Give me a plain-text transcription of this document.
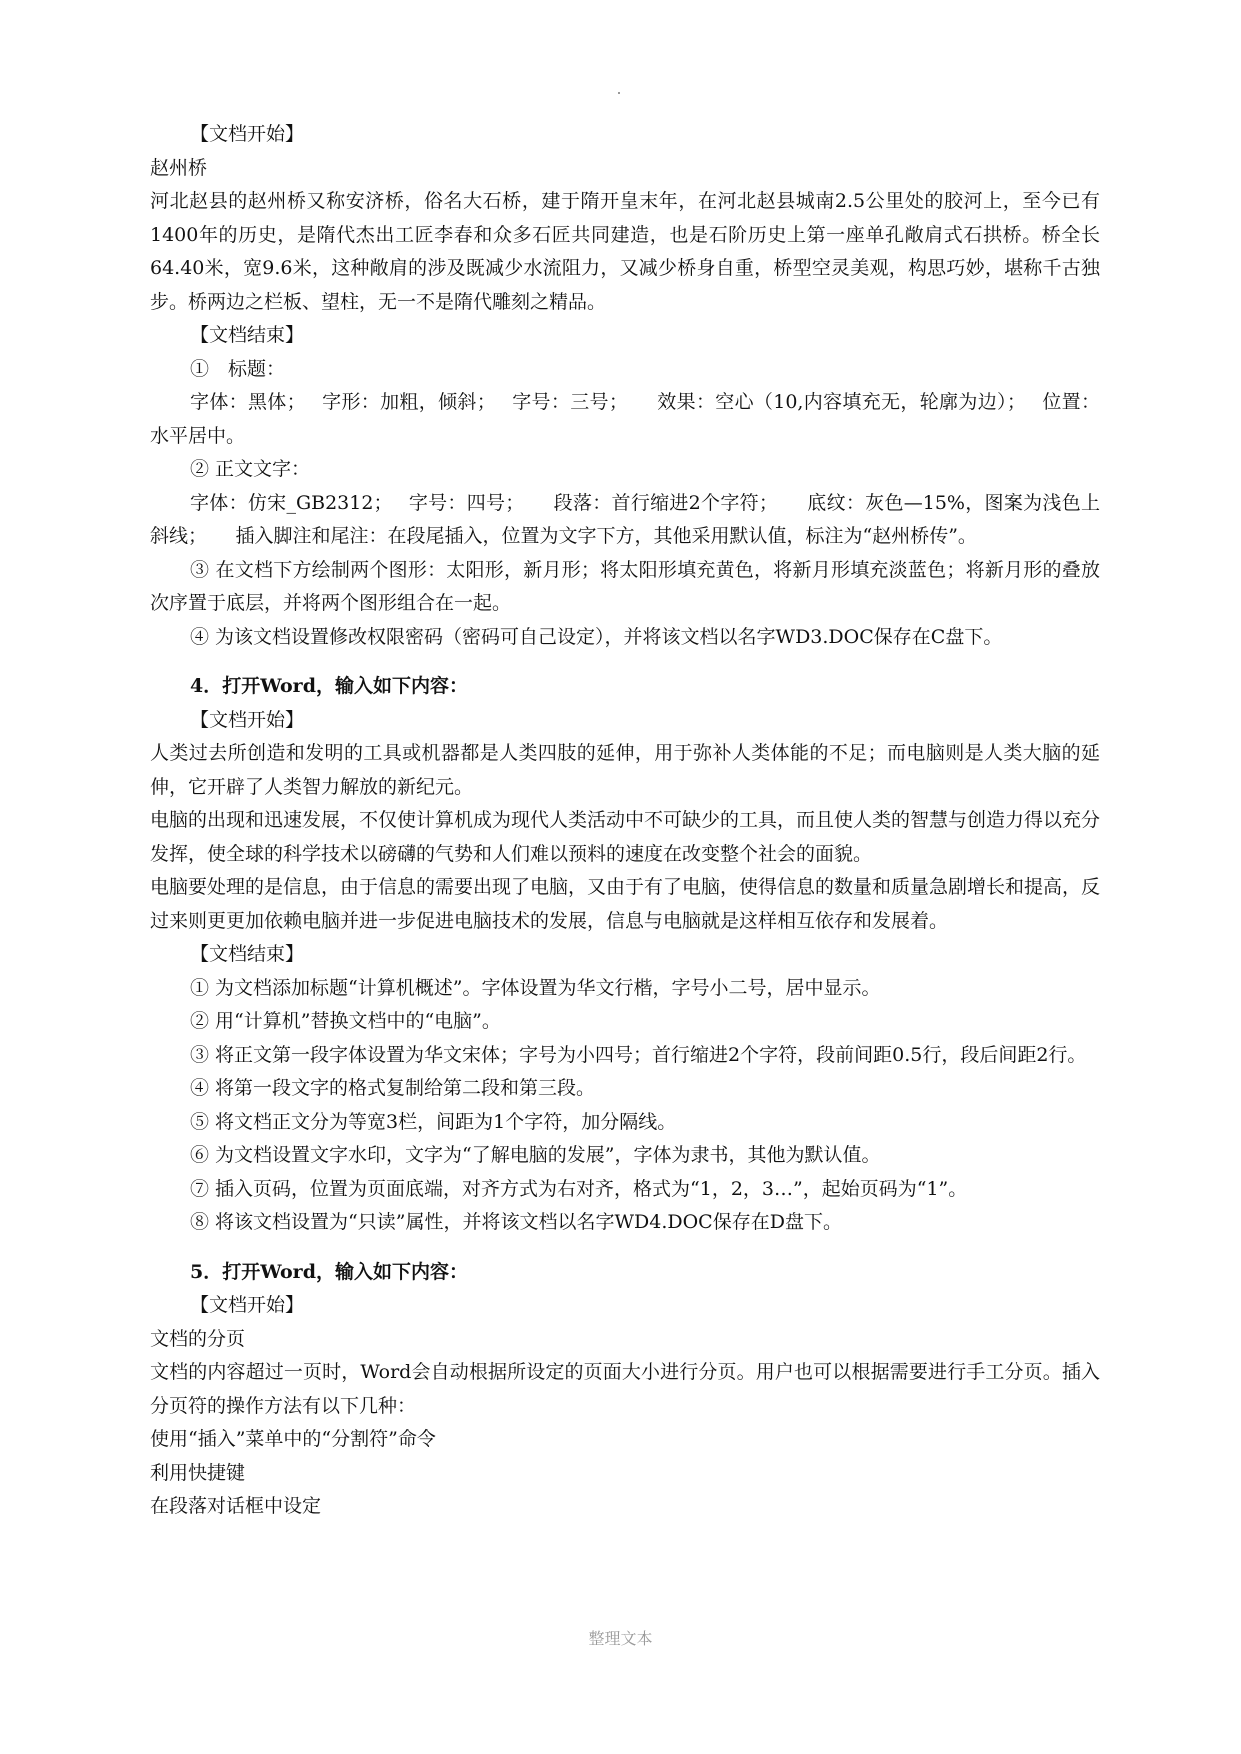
【文档开始】

赵州桥

河北赵县的赵州桥又称安济桥，俗名大石桥，建于隋开皇末年，在河北赵县城南2.5公里处的胶河上，至今已有1400年的历史，是隋代杰出工匠李春和众多石匠共同建造，也是石阶历史上第一座单孔敞肩式石拱桥。桥全长64.40米，宽9.6米，这种敞肩的涉及既减少水流阻力，又减少桥身自重，桥型空灵美观，构思巧妙，堪称千古独步。桥两边之栏板、望柱，无一不是隋代雕刻之精品。

【文档结束】

①　标题：

字体：黑体；　 字形：加粗，倾斜；　 字号：三号；　　效果：空心（10,内容填充无，轮廓为边）；　 位置：水平居中。

② 正文文字：

字体：仿宋_GB2312；　 字号：四号；　　段落：首行缩进2个字符；　　底纹：灰色—15%，图案为浅色上斜线；　　插入脚注和尾注：在段尾插入，位置为文字下方，其他采用默认值，标注为“赵州桥传”。

③ 在文档下方绘制两个图形：太阳形，新月形；将太阳形填充黄色，将新月形填充淡蓝色；将新月形的叠放次序置于底层，并将两个图形组合在一起。

④ 为该文档设置修改权限密码（密码可自己设定），并将该文档以名字WD3.DOC保存在C盘下。

4．打开Word，输入如下内容：

【文档开始】

人类过去所创造和发明的工具或机器都是人类四肢的延伸，用于弥补人类体能的不足；而电脑则是人类大脑的延伸，它开辟了人类智力解放的新纪元。

电脑的出现和迅速发展，不仅使计算机成为现代人类活动中不可缺少的工具，而且使人类的智慧与创造力得以充分发挥，使全球的科学技术以磅礴的气势和人们难以预料的速度在改变整个社会的面貌。

电脑要处理的是信息，由于信息的需要出现了电脑，又由于有了电脑，使得信息的数量和质量急剧增长和提高，反过来则更更加依赖电脑并进一步促进电脑技术的发展，信息与电脑就是这样相互依存和发展着。

【文档结束】

① 为文档添加标题“计算机概述”。字体设置为华文行楷，字号小二号，居中显示。

② 用“计算机”替换文档中的“电脑”。

③ 将正文第一段字体设置为华文宋体；字号为小四号；首行缩进2个字符，段前间距0.5行，段后间距2行。

④ 将第一段文字的格式复制给第二段和第三段。

⑤ 将文档正文分为等宽3栏，间距为1个字符，加分隔线。

⑥ 为文档设置文字水印，文字为“了解电脑的发展”，字体为隶书，其他为默认值。

⑦ 插入页码，位置为页面底端，对齐方式为右对齐，格式为“1，2，3…”，起始页码为“1”。

⑧ 将该文档设置为“只读”属性，并将该文档以名字WD4.DOC保存在D盘下。

5．打开Word，输入如下内容：

【文档开始】

文档的分页

文档的内容超过一页时，Word会自动根据所设定的页面大小进行分页。用户也可以根据需要进行手工分页。插入分页符的操作方法有以下几种：

使用“插入”菜单中的“分割符”命令

利用快捷键

在段落对话框中设定

整理文本
